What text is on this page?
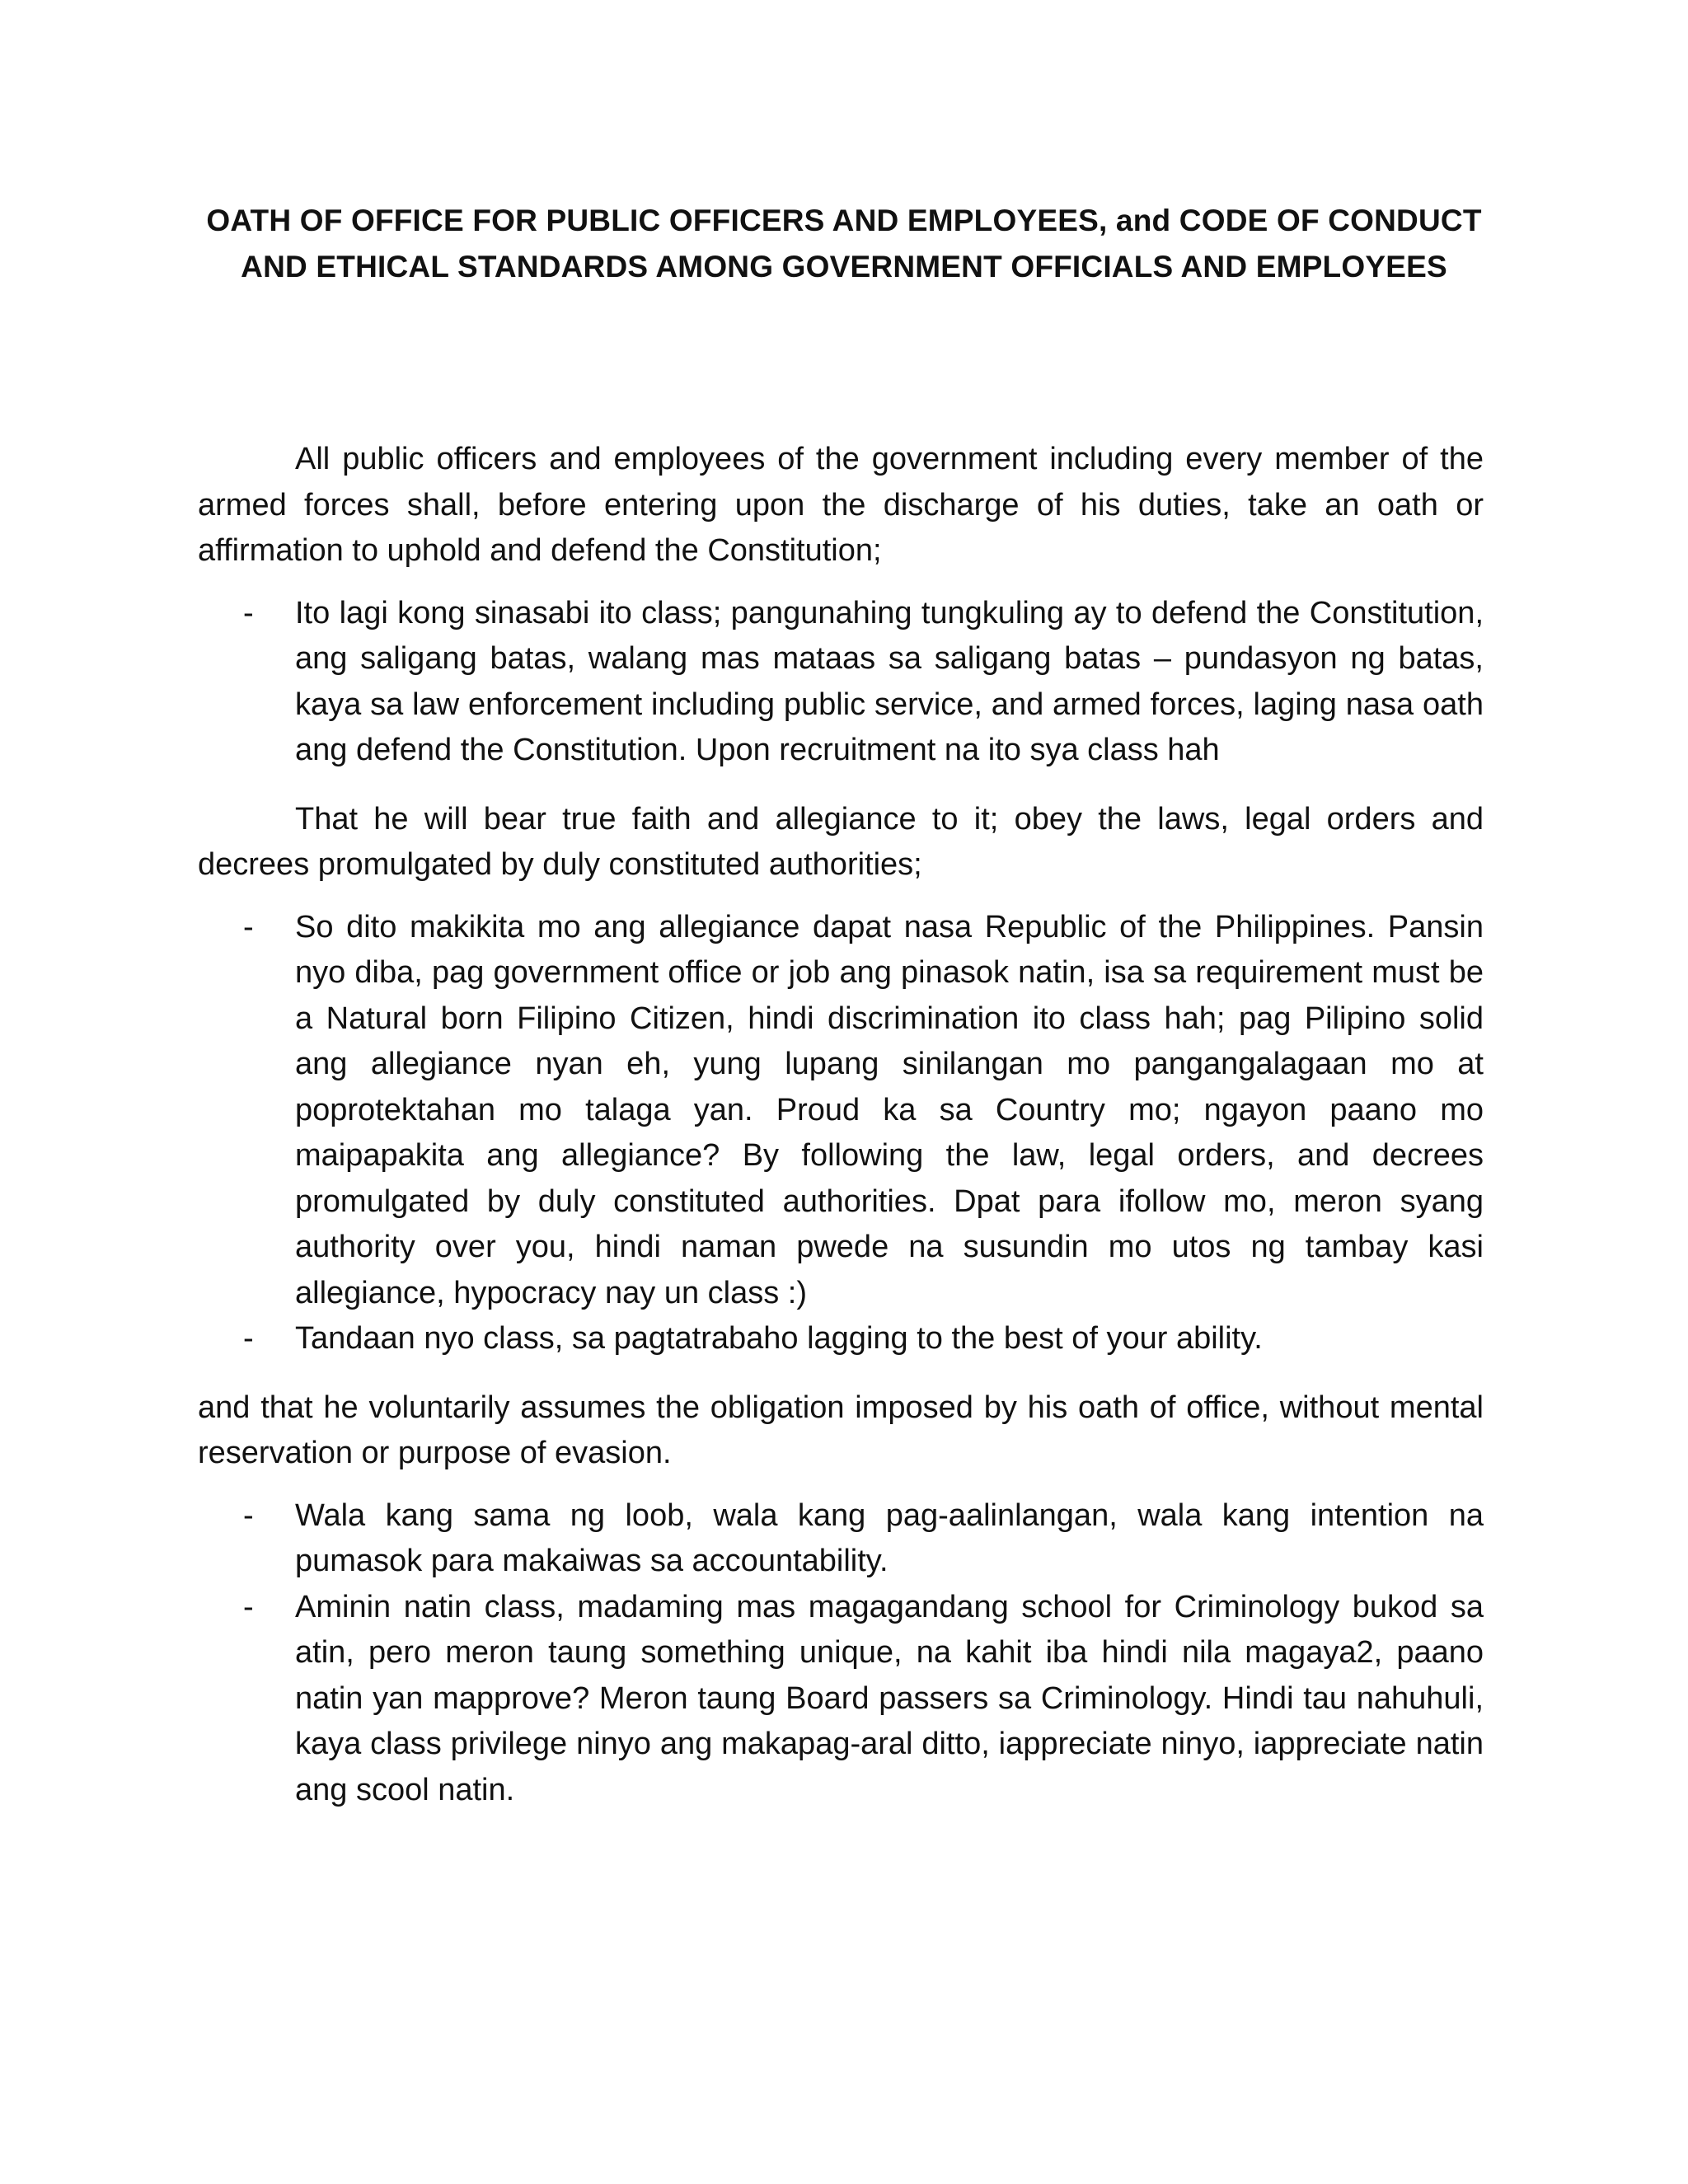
OATH OF OFFICE FOR PUBLIC OFFICERS AND EMPLOYEES, and CODE OF CONDUCT AND ETHICAL STANDARDS AMONG GOVERNMENT OFFICIALS AND EMPLOYEES

All public officers and employees of the government including every member of the armed forces shall, before entering upon the discharge of his duties, take an oath or affirmation to uphold and defend the Constitution;

- Ito lagi kong sinasabi ito class; pangunahing tungkuling ay to defend the Constitution, ang saligang batas, walang mas mataas sa saligang batas – pundasyon ng batas, kaya sa law enforcement including public service, and armed forces, laging nasa oath ang defend the Constitution. Upon recruitment na ito sya class hah

That he will bear true faith and allegiance to it; obey the laws, legal orders and decrees promulgated by duly constituted authorities;

- So dito makikita mo ang allegiance dapat nasa Republic of the Philippines. Pansin nyo diba, pag government office or job ang pinasok natin, isa sa requirement must be a Natural born Filipino Citizen, hindi discrimination ito class hah; pag Pilipino solid ang allegiance nyan eh, yung lupang sinilangan mo pangangalagaan mo at poprotektahan mo talaga yan. Proud ka sa Country mo; ngayon paano mo maipapakita ang allegiance? By following the law, legal orders, and decrees promulgated by duly constituted authorities. Dpat para ifollow mo, meron syang authority over you, hindi naman pwede na susundin mo utos ng tambay kasi allegiance, hypocracy nay un class :)
- Tandaan nyo class, sa pagtatrabaho lagging to the best of your ability.

and that he voluntarily assumes the obligation imposed by his oath of office, without mental reservation or purpose of evasion.

- Wala kang sama ng loob, wala kang pag-aalinlangan, wala kang intention na pumasok para makaiwas sa accountability.
- Aminin natin class, madaming mas magagandang school for Criminology bukod sa atin, pero meron taung something unique, na kahit iba hindi nila magaya2, paano natin yan mapprove? Meron taung Board passers sa Criminology. Hindi tau nahuhuli, kaya class privilege ninyo ang makapag-aral ditto, iappreciate ninyo, iappreciate natin ang scool natin.
